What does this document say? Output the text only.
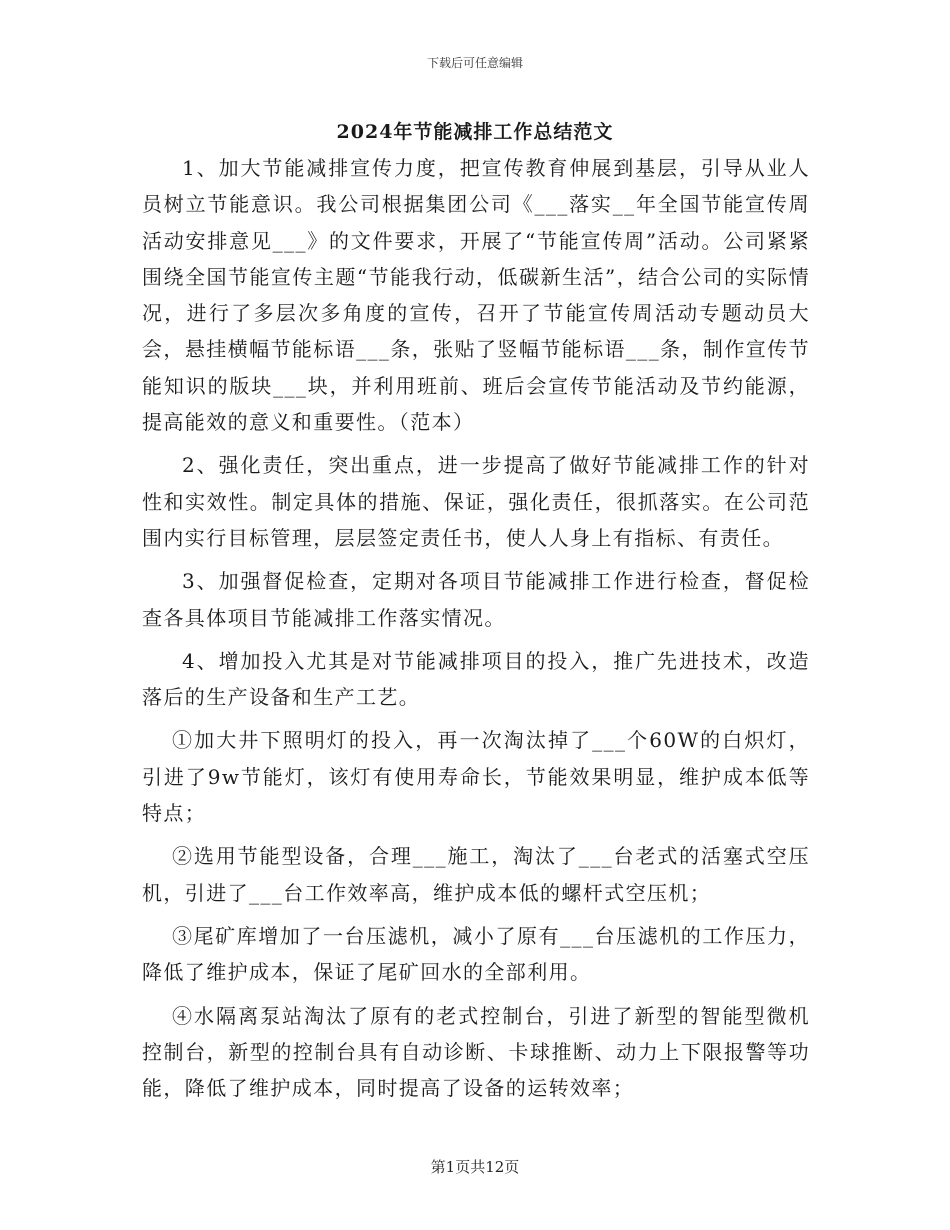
下载后可任意编辑
2024年节能减排工作总结范文

1、加大节能减排宣传力度，把宣传教育伸展到基层，引导从业人员树立节能意识。我公司根据集团公司《___落实__年全国节能宣传周活动安排意见___》的文件要求，开展了“节能宣传周”活动。公司紧紧围绕全国节能宣传主题“节能我行动，低碳新生活”，结合公司的实际情况，进行了多层次多角度的宣传，召开了节能宣传周活动专题动员大会，悬挂横幅节能标语___条，张贴了竖幅节能标语___条，制作宣传节能知识的版块___块，并利用班前、班后会宣传节能活动及节约能源，提高能效的意义和重要性。（范本）

2、强化责任，突出重点，进一步提高了做好节能减排工作的针对性和实效性。制定具体的措施、保证，强化责任，很抓落实。在公司范围内实行目标管理，层层签定责任书，使人人身上有指标、有责任。

3、加强督促检查，定期对各项目节能减排工作进行检查，督促检查各具体项目节能减排工作落实情况。

4、增加投入尤其是对节能减排项目的投入，推广先进技术，改造落后的生产设备和生产工艺。

①加大井下照明灯的投入，再一次淘汰掉了___个60W的白炽灯，引进了9w节能灯，该灯有使用寿命长，节能效果明显，维护成本低等特点；

②选用节能型设备，合理___施工，淘汰了___台老式的活塞式空压机，引进了___台工作效率高，维护成本低的螺杆式空压机；

③尾矿库增加了一台压滤机，减小了原有___台压滤机的工作压力，降低了维护成本，保证了尾矿回水的全部利用。

④水隔离泵站淘汰了原有的老式控制台，引进了新型的智能型微机控制台，新型的控制台具有自动诊断、卡球推断、动力上下限报警等功能，降低了维护成本，同时提高了设备的运转效率；

第1页共12页
